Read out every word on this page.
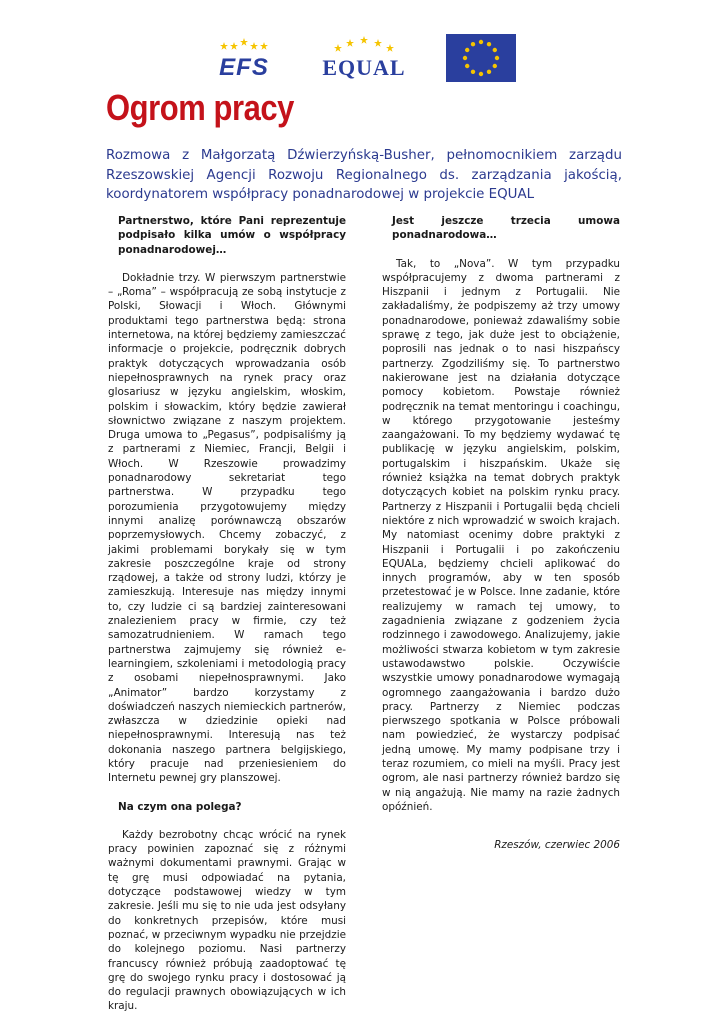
EFS	EQUAL
Ogrom pracy

Rozmowa z Małgorzatą Dźwierzyńską-Busher, pełnomocnikiem zarządu Rzeszowskiej Agencji Rozwoju Regionalnego ds. zarządzania jakością, koordynatorem współpracy ponadnarodowej w projekcie EQUAL

Partnerstwo, które Pani reprezentuje podpisało kilka umów o współpracy ponadnarodowej…

Dokładnie trzy. W pierwszym partnerstwie – „Roma” – współpracują ze sobą instytucje z Polski, Słowacji i Włoch. Głównymi produktami tego partnerstwa będą: strona internetowa, na której będziemy zamieszczać informacje o projekcie, podręcznik dobrych praktyk dotyczących wprowadzania osób niepełnosprawnych na rynek pracy oraz glosariusz w języku angielskim, włoskim, polskim i słowackim, który będzie zawierał słownictwo związane z naszym projektem. Druga umowa to „Pegasus”, podpisaliśmy ją z partnerami z Niemiec, Francji, Belgii i Włoch. W Rzeszowie prowadzimy ponadnarodowy sekretariat tego partnerstwa. W przypadku tego porozumienia przygotowujemy między innymi analizę porównawczą obszarów poprzemysłowych. Chcemy zobaczyć, z jakimi problemami borykały się w tym zakresie poszczególne kraje od strony rządowej, a także od strony ludzi, którzy je zamieszkują. Interesuje nas między innymi to, czy ludzie ci są bardziej zainteresowani znalezieniem pracy w firmie, czy też samozatrudnieniem. W ramach tego partnerstwa zajmujemy się również e-learningiem, szkoleniami i metodologią pracy z osobami niepełnosprawnymi. Jako „Animator” bardzo korzystamy z doświadczeń naszych niemieckich partnerów, zwłaszcza w dziedzinie opieki nad niepełnosprawnymi. Interesują nas też dokonania naszego partnera belgijskiego, który pracuje nad przeniesieniem do Internetu pewnej gry planszowej.

Na czym ona polega?

Każdy bezrobotny chcąc wrócić na rynek pracy powinien zapoznać się z różnymi ważnymi dokumentami prawnymi. Grając w tę grę musi odpowiadać na pytania, dotyczące podstawowej wiedzy w tym zakresie. Jeśli mu się to nie uda jest odsyłany do konkretnych przepisów, które musi poznać, w przeciwnym wypadku nie przejdzie do kolejnego poziomu. Nasi partnerzy francuscy również próbują zaadoptować tę grę do swojego rynku pracy i dostosować ją do regulacji prawnych obowiązujących w ich kraju.

Jest jeszcze trzecia umowa ponadnarodowa…

Tak, to „Nova”. W tym przypadku współpracujemy z dwoma partnerami z Hiszpanii i jednym z Portugalii. Nie zakładaliśmy, że podpiszemy aż trzy umowy ponadnarodowe, ponieważ zdawaliśmy sobie sprawę z tego, jak duże jest to obciążenie, poprosili nas jednak o to nasi hiszpańscy partnerzy. Zgodziliśmy się. To partnerstwo nakierowane jest na działania dotyczące pomocy kobietom. Powstaje również podręcznik na temat mentoringu i coachingu, w którego przygotowanie jesteśmy zaangażowani. To my będziemy wydawać tę publikację w języku angielskim, polskim, portugalskim i hiszpańskim. Ukaże się również książka na temat dobrych praktyk dotyczących kobiet na polskim rynku pracy. Partnerzy z Hiszpanii i Portugalii będą chcieli niektóre z nich wprowadzić w swoich krajach. My natomiast ocenimy dobre praktyki z Hiszpanii i Portugalii i po zakończeniu EQUALa, będziemy chcieli aplikować do innych programów, aby w ten sposób przetestować je w Polsce. Inne zadanie, które realizujemy w ramach tej umowy, to zagadnienia związane z godzeniem życia rodzinnego i zawodowego. Analizujemy, jakie możliwości stwarza kobietom w tym zakresie ustawodawstwo polskie. Oczywiście wszystkie umowy ponadnarodowe wymagają ogromnego zaangażowania i bardzo dużo pracy. Partnerzy z Niemiec podczas pierwszego spotkania w Polsce próbowali nam powiedzieć, że wystarczy podpisać jedną umowę. My mamy podpisane trzy i teraz rozumiem, co mieli na myśli. Pracy jest ogrom, ale nasi partnerzy również bardzo się w nią angażują. Nie mamy na razie żadnych opóźnień.

Rzeszów, czerwiec 2006
